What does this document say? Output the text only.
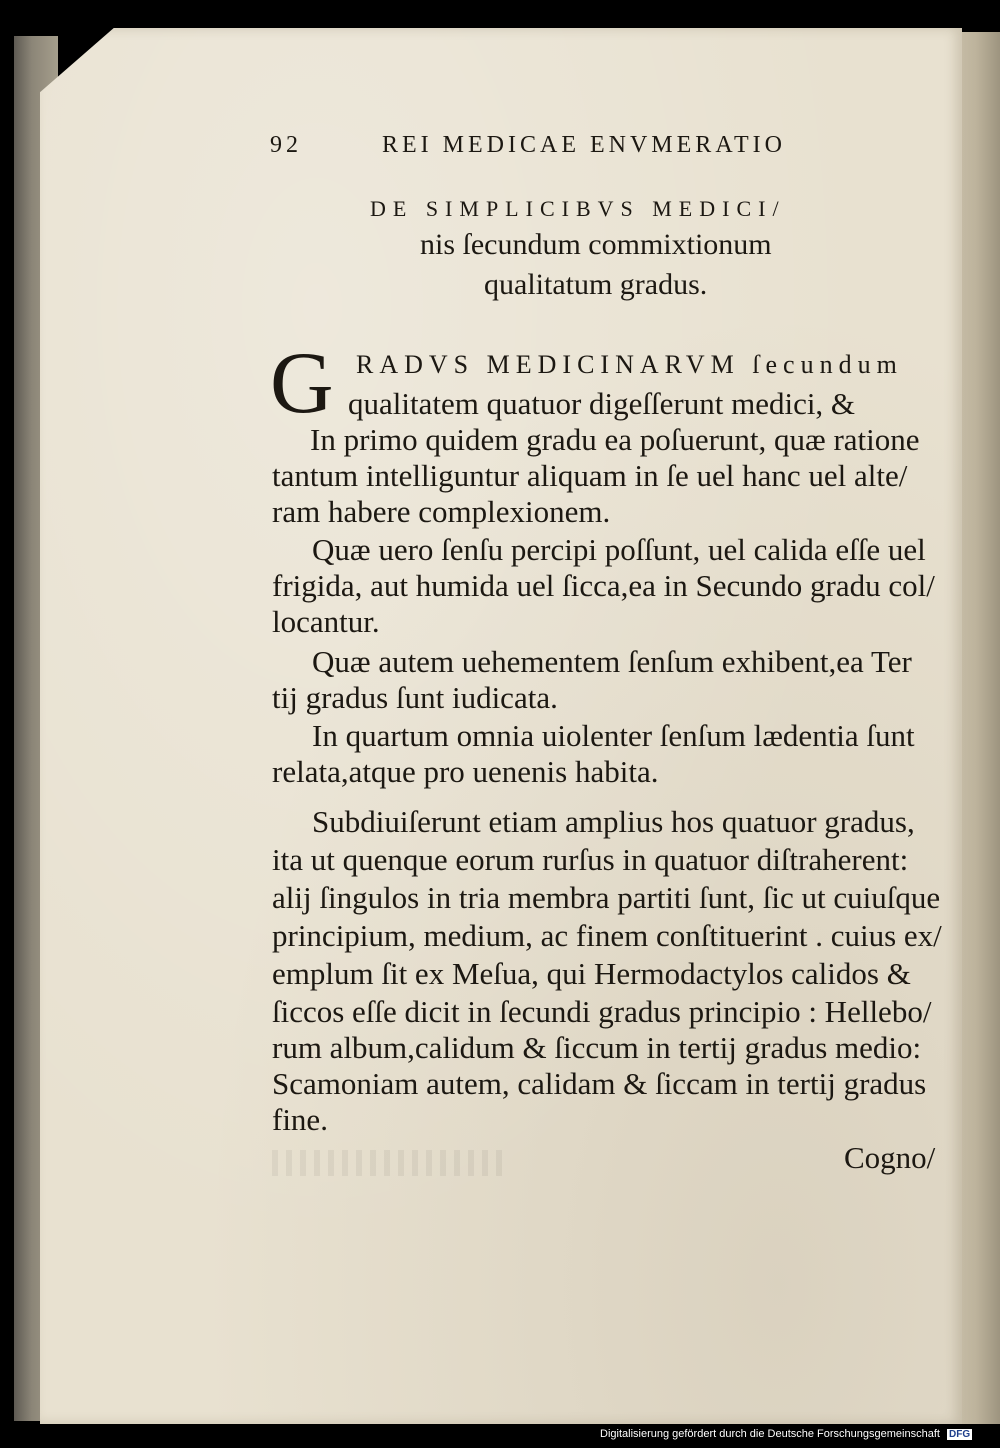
92	REI MEDICAE ENVMERATIO
DE SIMPLICIBVS MEDICI/
nis ſecundum commixtionum
qualitatum gradus.
G RADVS MEDICINARVM ſecundum
qualitatem quatuor digeſſerunt medici, &
In primo quidem gradu ea poſuerunt, quæ ratione
tantum intelliguntur aliquam in ſe uel hanc uel alte/
ram habere complexionem.
Quæ uero ſenſu percipi poſſunt, uel calida eſſe uel
frigida, aut humida uel ſicca,ea in Secundo gradu col/
locantur.
Quæ autem uehementem ſenſum exhibent,ea Ter
tij gradus ſunt iudicata.
In quartum omnia uiolenter ſenſum lædentia ſunt
relata,atque pro uenenis habita.
Subdiuiſerunt etiam amplius hos quatuor gradus,
ita ut quenque eorum rurſus in quatuor diſtraherent:
alij ſingulos in tria membra partiti ſunt, ſic ut cuiuſque
principium, medium, ac finem conſtituerint . cuius ex/
emplum ſit ex Meſua, qui Hermodactylos calidos &
ſiccos eſſe dicit in ſecundi gradus principio : Hellebo/
rum album,calidum & ſiccum in tertij gradus medio:
Scamoniam autem, calidam & ſiccam in tertij gradus
fine.
Cogno/
Digitalisierung gefördert durch die Deutsche Forschungsgemeinschaft DFG
